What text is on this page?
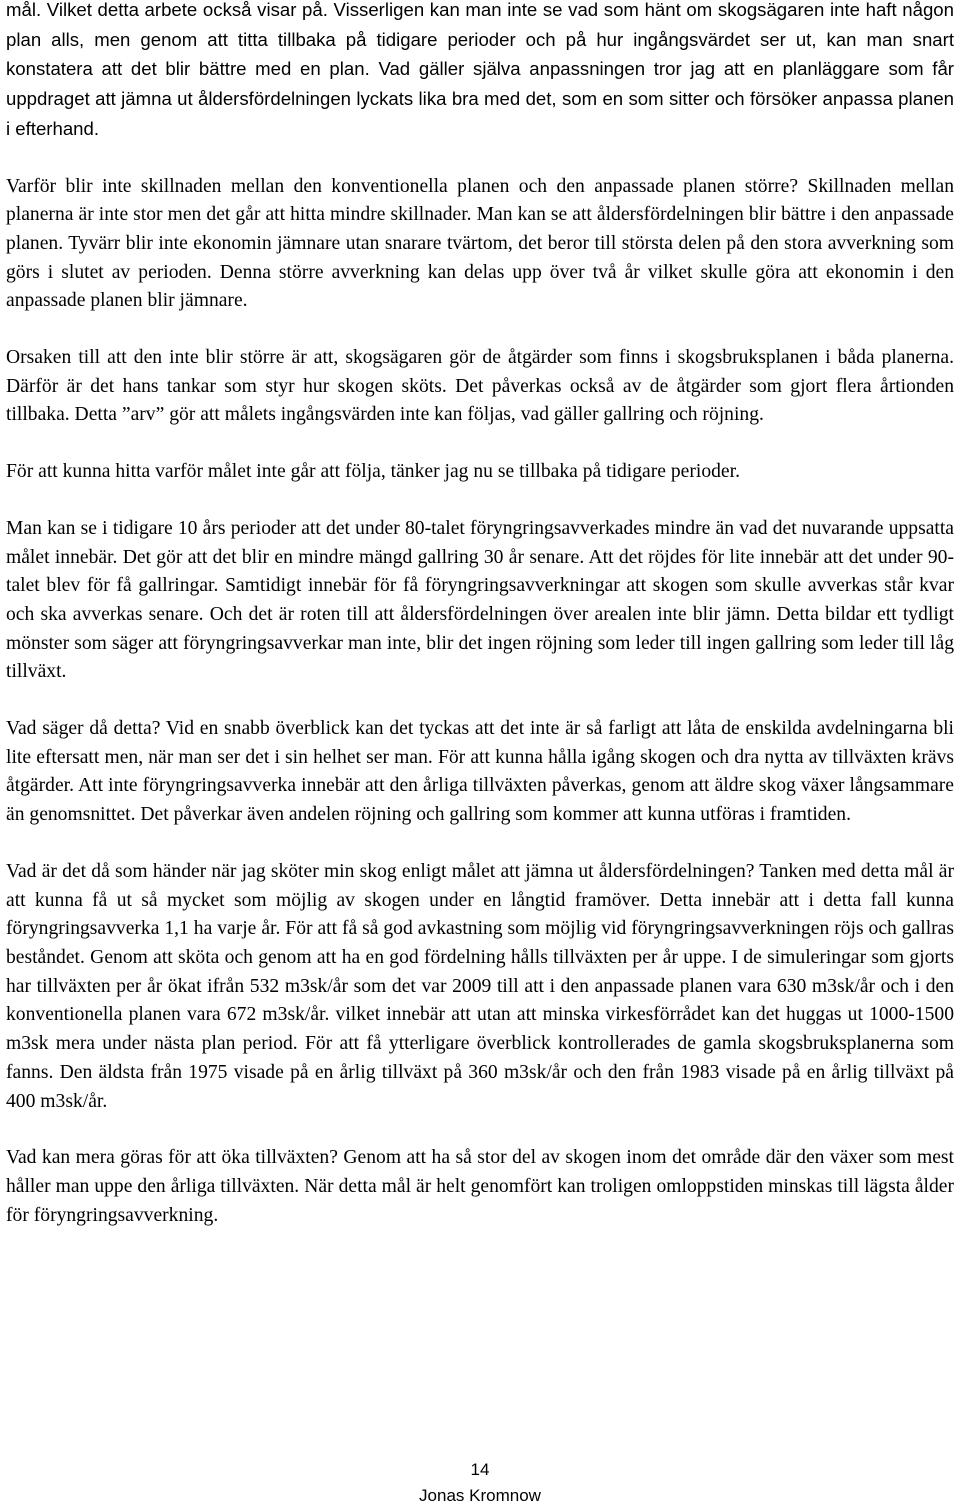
mål. Vilket detta arbete också visar på. Visserligen kan man inte se vad som hänt om skogsägaren inte haft någon plan alls, men genom att titta tillbaka på tidigare perioder och på hur ingångsvärdet ser ut, kan man snart konstatera att det blir bättre med en plan. Vad gäller själva anpassningen tror jag att en planläggare som får uppdraget att jämna ut åldersfördelningen lyckats lika bra med det, som en som sitter och försöker anpassa planen i efterhand.

Varför blir inte skillnaden mellan den konventionella planen och den anpassade planen större? Skillnaden mellan planerna är inte stor men det går att hitta mindre skillnader. Man kan se att åldersfördelningen blir bättre i den anpassade planen. Tyvärr blir inte ekonomin jämnare utan snarare tvärtom, det beror till största delen på den stora avverkning som görs i slutet av perioden. Denna större avverkning kan delas upp över två år vilket skulle göra att ekonomin i den anpassade planen blir jämnare.

Orsaken till att den inte blir större är att, skogsägaren gör de åtgärder som finns i skogsbruksplanen i båda planerna. Därför är det hans tankar som styr hur skogen sköts. Det påverkas också av de åtgärder som gjort flera årtionden tillbaka. Detta ”arv” gör att målets ingångsvärden inte kan följas, vad gäller gallring och röjning.

För att kunna hitta varför målet inte går att följa, tänker jag nu se tillbaka på tidigare perioder.

Man kan se i tidigare 10 års perioder att det under 80-talet föryngringsavverkades mindre än vad det nuvarande uppsatta målet innebär. Det gör att det blir en mindre mängd gallring 30 år senare. Att det röjdes för lite innebär att det under 90-talet blev för få gallringar. Samtidigt innebär för få föryngringsavverkningar att skogen som skulle avverkas står kvar och ska avverkas senare. Och det är roten till att åldersfördelningen över arealen inte blir jämn. Detta bildar ett tydligt mönster som säger att föryngringsavverkar man inte, blir det ingen röjning som leder till ingen gallring som leder till låg tillväxt.

Vad säger då detta? Vid en snabb överblick kan det tyckas att det inte är så farligt att låta de enskilda avdelningarna bli lite eftersatt men, när man ser det i sin helhet ser man. För att kunna hålla igång skogen och dra nytta av tillväxten krävs åtgärder. Att inte föryngringsavverka innebär att den årliga tillväxten påverkas, genom att äldre skog växer långsammare än genomsnittet. Det påverkar även andelen röjning och gallring som kommer att kunna utföras i framtiden.

Vad är det då som händer när jag sköter min skog enligt målet att jämna ut åldersfördelningen? Tanken med detta mål är att kunna få ut så mycket som möjlig av skogen under en långtid framöver. Detta innebär att i detta fall kunna föryngringsavverka 1,1 ha varje år. För att få så god avkastning som möjlig vid föryngringsavverkningen röjs och gallras beståndet. Genom att sköta och genom att ha en god fördelning hålls tillväxten per år uppe. I de simuleringar som gjorts har tillväxten per år ökat ifrån 532 m3sk/år som det var 2009 till att i den anpassade planen vara 630 m3sk/år och i den konventionella planen vara 672 m3sk/år. vilket innebär att utan att minska virkesförrådet kan det huggas ut 1000-1500 m3sk mera under nästa plan period. För att få ytterligare överblick kontrollerades de gamla skogsbruksplanerna som fanns. Den äldsta från 1975 visade på en årlig tillväxt på 360 m3sk/år och den från 1983 visade på en årlig tillväxt på 400 m3sk/år.

Vad kan mera göras för att öka tillväxten? Genom att ha så stor del av skogen inom det område där den växer som mest håller man uppe den årliga tillväxten. När detta mål är helt genomfört kan troligen omloppstiden minskas till lägsta ålder för föryngringsavverkning.

14
Jonas Kromnow
